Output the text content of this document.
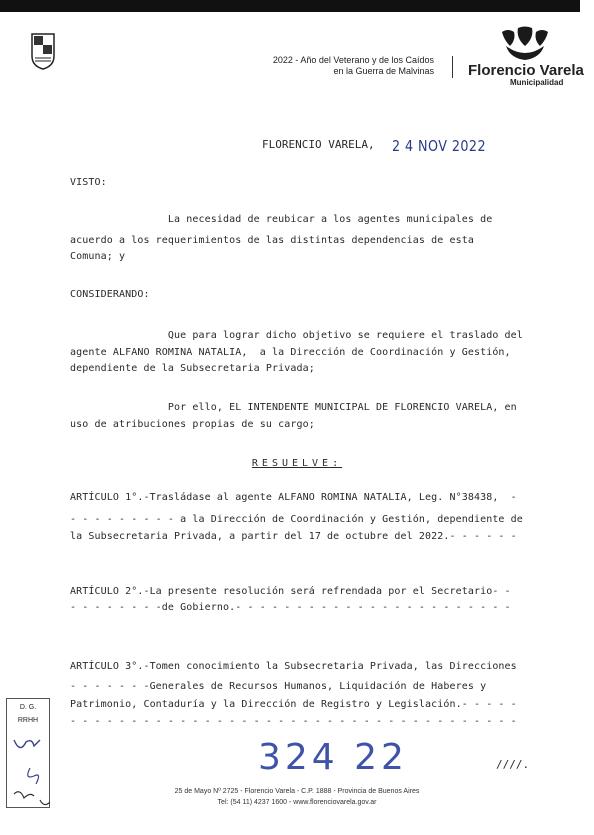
2022 - Año del Veterano y de los Caídos
en la Guerra de Malvinas Florencio Varela
Municipalidad
FLORENCIO VARELA, 2 4 NOV 2022
VISTO:
La necesidad de reubicar a los agentes municipales de
acuerdo a los requerimientos de las distintas dependencias de esta
Comuna; y
CONSIDERANDO:
Que para lograr dicho objetivo se requiere el traslado del
agente ALFANO ROMINA NATALIA,  a la Dirección de Coordinación y Gestión,
dependiente de la Subsecretaria Privada;
Por ello, EL INTENDENTE MUNICIPAL DE FLORENCIO VARELA, en
uso de atribuciones propias de su cargo;
RESUELVE:
ARTÍCULO 1°.-Trasládase al agente ALFANO ROMINA NATALIA, Leg. N°38438,  -
- - - - - - - - - a la Dirección de Coordinación y Gestión, dependiente de
la Subsecretaria Privada, a partir del 17 de octubre del 2022.- - - - - -
ARTÍCULO 2°.-La presente resolución será refrendada por el Secretario- -
- - - - - - - -de Gobierno.- - - - - - - - - - - - - - - - - - - - - - -
ARTÍCULO 3°.-Tomen conocimiento la Subsecretaria Privada, las Direcciones
- - - - - - -Generales de Recursos Humanos, Liquidación de Haberes y
Patrimonio, Contaduría y la Dirección de Registro y Legislación.- - - - -
- - - - - - - - - - - - - - - - - - - - - - - - - - - - - - - - - - - - -
D. G.
RRHH
324 22	////.
25 de Mayo Nº 2725 - Florencio Varela - C.P. 1888 - Provincia de Buenos Aires
Tel: (54 11) 4237 1600 - www.florenciovarela.gov.ar
